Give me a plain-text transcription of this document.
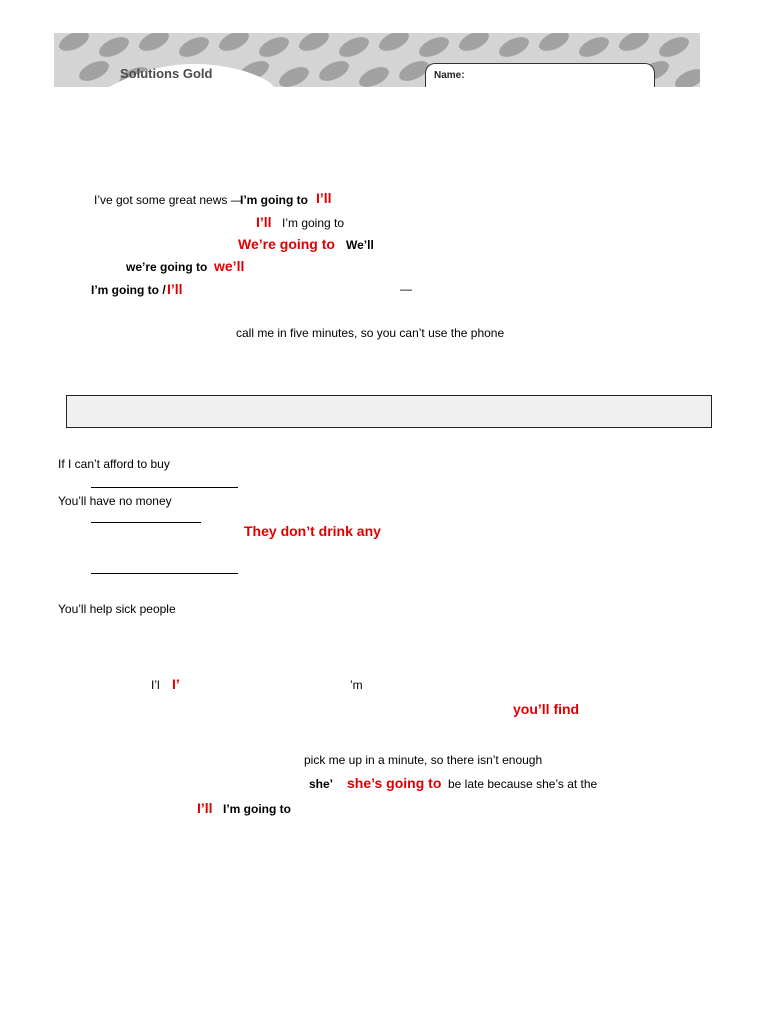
Solutions Gold	Name:
I’ve got some great news —
I’m going to I’ll
I’ll I’m going to
We’re going to We’ll
we’re going to we’ll
I’m going to / I’ll	—
call me in five minutes, so you can’t use the phone
If I can’t afford to buy
You’ll have no money
They don’t drink any
You’ll help sick people
I’l I’	’m
you’ll find
pick me up in a minute, so there isn’t enough
she’ she’s going to be late because she’s at the
I’ll I’m going to
